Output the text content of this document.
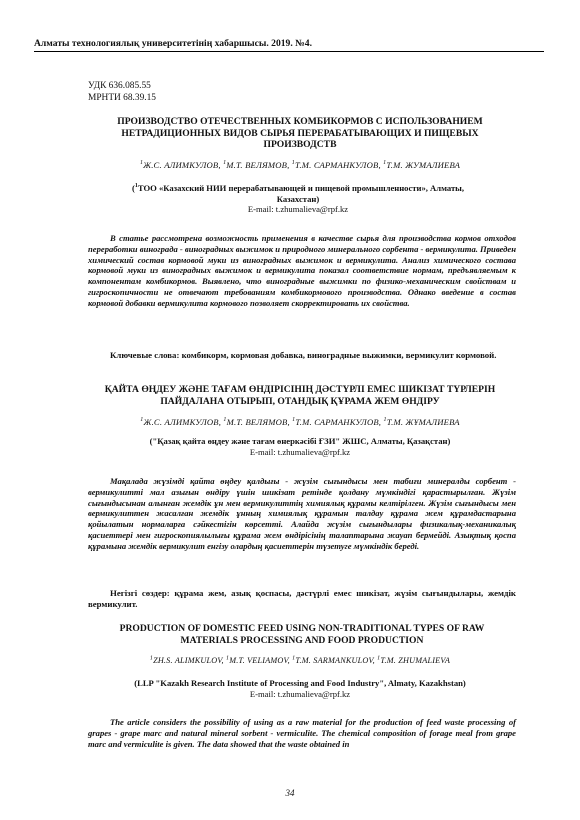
Алматы технологиялық университетінің хабаршысы. 2019. №4.
УДК 636.085.55
МРНТИ 68.39.15
ПРОИЗВОДСТВО ОТЕЧЕСТВЕННЫХ КОМБИКОРМОВ С ИСПОЛЬЗОВАНИЕМ НЕТРАДИЦИОННЫХ ВИДОВ СЫРЬЯ ПЕРЕРАБАТЫВАЮЩИХ И ПИЩЕВЫХ ПРОИЗВОДСТВ
$^1$Ж.С. АЛИМКУЛОВ, $^1$М.Т. ВЕЛЯМОВ, $^1$Т.М. САРМАНКУЛОВ, $^1$Т.М. ЖУМАЛИЕВА
($^1$ТОО «Казахский НИИ перерабатывающей и пищевой промышленности», Алматы, Казахстан)
E-mail: t.zhumalieva@rpf.kz
В статье рассмотрена возможность применения в качестве сырья для производства кормов отходов переработки винограда - виноградных выжимок и природного минерального сорбента - вермикулита. Приведен химический состав кормовой муки из виноградных выжимок и вермикулита. Анализ химического состава кормовой муки из виноградных выжимок и вермикулита показал соответствие нормам, предъявляемым к компонентам комбикормов. Выявлено, что виноградные выжимки по физико-механическим свойствам и гигроскопичности не отвечают требованиям комбикормового производства. Однако введение в состав кормовой добавки вермикулита кормового позволяет скорректировать их свойства.
Ключевые слова: комбикорм, кормовая добавка, виноградные выжимки, вермикулит кормовой.
ҚАЙТА ӨҢДЕУ ЖӘНЕ ТАҒАМ ӨНДІРІСІНІҢ ДӘСТҮРЛІ ЕМЕС ШИКІЗАТ ТҮРЛЕРІН ПАЙДАЛАНА ОТЫРЫП, ОТАНДЫҚ ҚҰРАМА ЖЕМ ӨНДІРУ
$^1$Ж.С. АЛИМКУЛОВ, $^1$М.Т. ВЕЛЯМОВ, $^1$Т.М. САРМАНКУЛОВ, $^1$Т.М. ЖҰМАЛИЕВА
("Қазақ қайта өңдеу және тағам өнеркәсібі ҒЗИ" ЖШС, Алматы, Қазақстан)
E-mail: t.zhumalieva@rpf.kz
Мақалада жүзімді қайта өңдеу қалдығы - жүзім сығындысы мен табиғи минералды сорбент - вермикулитті мал азығын өндіру үшін шикізат ретінде қолдану мүмкіндігі қарастырылған. Жүзім сығындысынан алынған жемдік ұн мен вермикулиттің химиялық құрамы келтірілген. Жүзім сығындысы мен вермикулиттен жасалған жемдік ұнның химиялық құрамын талдау құрама жем құрамдастарына қойылатын нормаларға сәйкестігін көрсетті. Алайда жүзім сығындылары физикалық-механикалық қасиеттері мен гигроскопиялылығы құрама жем өндірісінің талаптарына жауап бермейді. Азықтық қоспа құрамына жемдік вермикулит енгізу олардың қасиеттерін түзетуге мүмкіндік береді.
Негізгі сөздер: құрама жем, азық қоспасы, дәстүрлі емес шикізат, жүзім сығындылары, жемдік вермикулит.
PRODUCTION OF DOMESTIC FEED USING NON-TRADITIONAL TYPES OF RAW MATERIALS PROCESSING AND FOOD PRODUCTION
$^1$ZH.S. ALIMKULOV, $^1$M.T. VELIAMOV, $^1$T.M. SARMANKULOV, $^1$T.M. ZHUMALIEVA
(LLP "Kazakh Research Institute of Processing and Food Industry", Almaty, Kazakhstan)
E-mail: t.zhumalieva@rpf.kz
The article considers the possibility of using as a raw material for the production of feed waste processing of grapes - grape marc and natural mineral sorbent - vermiculite. The chemical composition of forage meal from grape marc and vermiculite is given. The data showed that the waste obtained in
34
